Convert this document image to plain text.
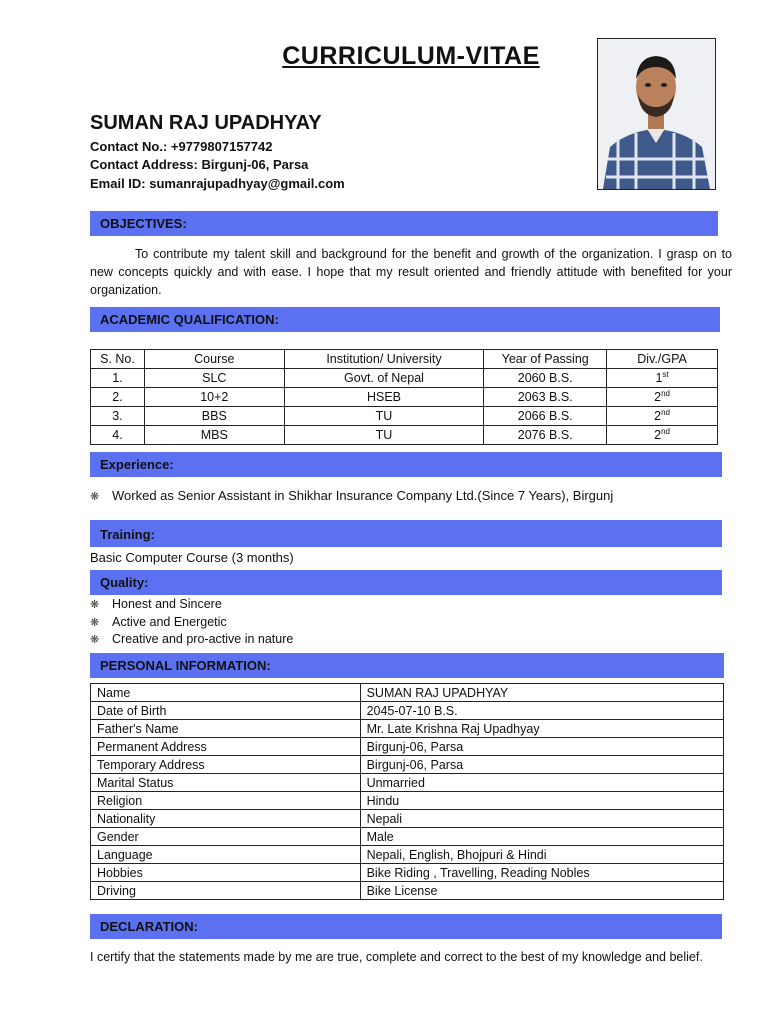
CURRICULUM-VITAE
SUMAN RAJ UPADHYAY
Contact No.: +9779807157742
Contact Address: Birgunj-06, Parsa
Email ID: sumanrajupadhyay@gmail.com
OBJECTIVES:
To contribute my talent skill and background for the benefit and growth of the organization. I grasp on to new concepts quickly and with ease. I hope that my result oriented and friendly attitude with benefited for your organization.
ACADEMIC QUALIFICATION:
S. No.	Course	Institution/ University	Year of Passing	Div./GPA
1.	SLC	Govt. of Nepal	2060 B.S.	1st
2.	10+2	HSEB	2063 B.S.	2nd
3.	BBS	TU	2066 B.S.	2nd
4.	MBS	TU	2076 B.S.	2nd
Experience:
❋ Worked as Senior Assistant in Shikhar Insurance Company Ltd.(Since 7 Years), Birgunj
Training:
Basic Computer Course (3 months)
Quality:
❋ Honest and Sincere
❋ Active and Energetic
❋ Creative and pro-active in nature
PERSONAL INFORMATION:
Name	SUMAN RAJ UPADHYAY
Date of Birth	2045-07-10 B.S.
Father's Name	Mr. Late Krishna Raj Upadhyay
Permanent Address	Birgunj-06, Parsa
Temporary Address	Birgunj-06, Parsa
Marital Status	Unmarried
Religion	Hindu
Nationality	Nepali
Gender	Male
Language	Nepali, English, Bhojpuri & Hindi
Hobbies	Bike Riding , Travelling, Reading Nobles
Driving	Bike License
DECLARATION:
I certify that the statements made by me are true, complete and correct to the best of my knowledge and belief.
